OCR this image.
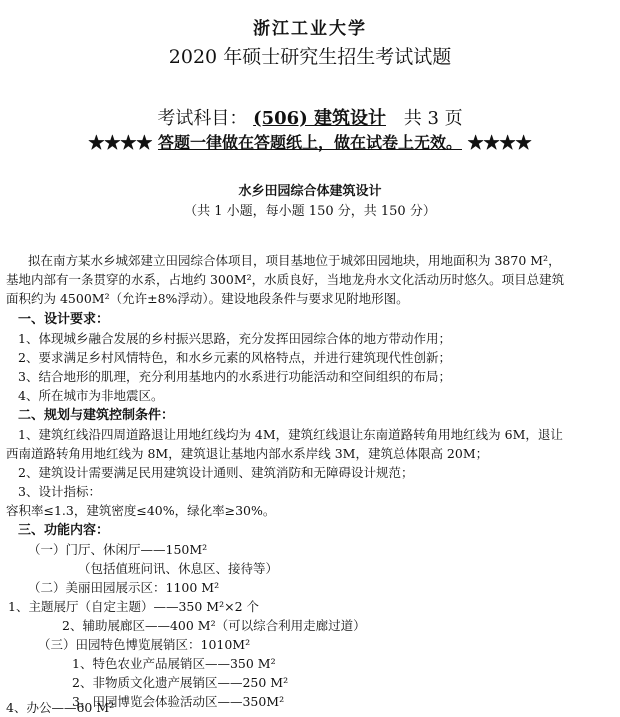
浙江工业大学
2020 年硕士研究生招生考试试题
考试科目： (506) 建筑设计 共 3 页
★★★★ 答题一律做在答题纸上，做在试卷上无效。 ★★★★
水乡田园综合体建筑设计
（共 1 小题，每小题 150 分，共 150 分）
拟在南方某水乡城郊建立田园综合体项目，项目基地位于城郊田园地块，用地面积为 3870 M²，
基地内部有一条贯穿的水系，占地约 300M²，水质良好，当地龙舟水文化活动历时悠久。项目总建筑
面积约为 4500M²（允许±8%浮动）。建设地段条件与要求见附地形图。
一、设计要求：
1、体现城乡融合发展的乡村振兴思路，充分发挥田园综合体的地方带动作用；
2、要求满足乡村风情特色，和水乡元素的风格特点，并进行建筑现代性创新；
3、结合地形的肌理，充分利用基地内的水系进行功能活动和空间组织的布局；
4、所在城市为非地震区。
二、规划与建筑控制条件：
1、建筑红线沿四周道路退让用地红线均为 4M，建筑红线退让东南道路转角用地红线为 6M，退让
西南道路转角用地红线为 8M，建筑退让基地内部水系岸线 3M，建筑总体限高 20M；
2、建筑设计需要满足民用建筑设计通则、建筑消防和无障碍设计规范；
3、设计指标：
容积率≤1.3，建筑密度≤40%，绿化率≥30%。
三、功能内容：
（一）门厅、休闲厅——150M²
（包括值班问讯、休息区、接待等）
（二）美丽田园展示区：1100 M²
1、主题展厅（自定主题）——350 M²×2 个
2、辅助展廊区——400 M²（可以综合利用走廊过道）
（三）田园特色博览展销区：1010M²
1、特色农业产品展销区——350 M²
2、非物质文化遗产展销区——250 M²
3、田园博览会体验活动区——350M²
4、办公——60 M²
